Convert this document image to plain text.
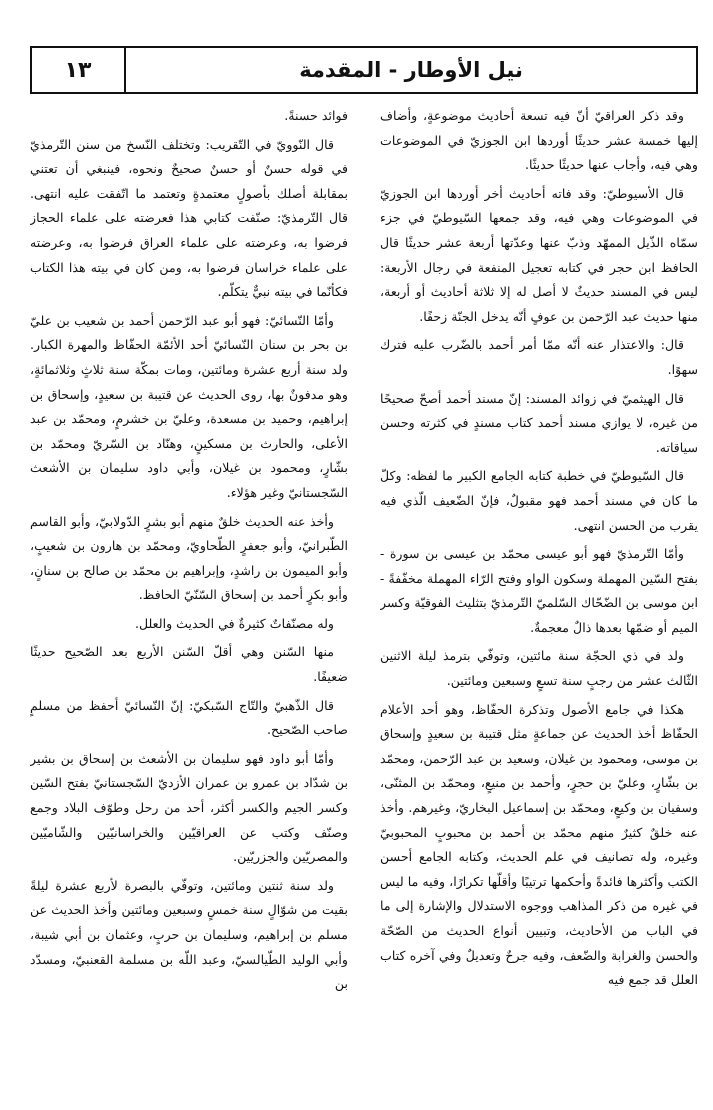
نيل الأوطار - المقدمة
١٣

وقد ذكر العراقيّ أنّ فيه تسعة أحاديث موضوعةٍ، وأضاف إليها خمسة عشر حديثًا أوردها ابن الجوزيّ في الموضوعات وهي فيه، وأجاب عنها حديثًا حديثًا.

قال الأسيوطيّ: وقد فاته أحاديث أخر أوردها ابن الجوزيّ في الموضوعات وهي فيه، وقد جمعها السّيوطيّ في جزء سمّاه الذّيل الممهّد وذبّ عنها وعدّتها أربعة عشر حديثًا قال الحافظ ابن حجر في كتابه تعجيل المنفعة في رجال الأربعة: ليس في المسند حديثٌ لا أصل له إلا ثلاثة أحاديث أو أربعة، منها حديث عبد الرّحمن بن عوفٍ أنّه يدخل الجنّة زحفًا.

قال: والاعتذار عنه أنّه ممّا أمر أحمد بالضّرب عليه فترك سهوًا.

قال الهيثميّ في زوائد المسند: إنّ مسند أحمد أصحّ صحيحًا من غيره، لا يوازي مسند أحمد كتاب مسندٍ في كثرته وحسن سياقاته.

قال السّيوطيّ في خطبة كتابه الجامع الكبير ما لفظه: وكلّ ما كان في مسند أحمد فهو مقبولٌ، فإنّ الضّعيف الّذي فيه يقرب من الحسن انتهى.

وأمّا التّرمذيّ فهو أبو عيسى محمّد بن عيسى بن سورة - بفتح السّين المهملة وسكون الواو وفتح الرّاء المهملة مخفّفةً - ابن موسى بن الضّحّاك السّلميّ التّرمذيّ بتثليث الفوقيّة وكسر الميم أو ضمّها بعدها ذالٌ معجمةٌ.

ولد في ذي الحجّة سنة مائتين، وتوفّي بترمذ ليلة الاثنين الثّالث عشر من رجبٍ سنة تسعٍ وسبعين ومائتين.

هكذا في جامع الأصول وتذكرة الحفّاظ، وهو أحد الأعلام الحفّاظ أخذ الحديث عن جماعةٍ مثل قتيبة بن سعيدٍ وإسحاق بن موسى، ومحمود بن غيلان، وسعيد بن عبد الرّحمن، ومحمّد بن بشّارٍ، وعليّ بن حجرٍ، وأحمد بن منيعٍ، ومحمّد بن المثنّى، وسفيان بن وكيعٍ، ومحمّد بن إسماعيل البخاريّ، وغيرهم. وأخذ عنه خلقٌ كثيرٌ منهم محمّد بن أحمد بن محبوبٍ المحبوبيّ وغيره، وله تصانيف في علم الحديث، وكتابه الجامع أحسن الكتب وأكثرها فائدةً وأحكمها ترتيبًا وأقلّها تكرارًا، وفيه ما ليس في غيره من ذكر المذاهب ووجوه الاستدلال والإشارة إلى ما في الباب من الأحاديث، وتبيين أنواع الحديث من الصّحّة والحسن والغرابة والضّعف، وفيه جرحٌ وتعديلٌ وفي آخره كتاب العلل قد جمع فيه

فوائد حسنةً.

قال النّوويّ في التّقريب: وتختلف النّسخ من سنن التّرمذيّ في قوله حسنٌ أو حسنٌ صحيحٌ ونحوه، فينبغي أن تعتني بمقابلة أصلك بأصولٍ معتمدةٍ وتعتمد ما اتّفقت عليه انتهى. قال التّرمذيّ: صنّفت كتابي هذا فعرضته على علماء الحجاز فرضوا به، وعرضته على علماء العراق فرضوا به، وعرضته على علماء خراسان فرضوا به، ومن كان في بيته هذا الكتاب فكأنّما في بيته نبيٌّ يتكلّم.

وأمّا النّسائيّ: فهو أبو عبد الرّحمن أحمد بن شعيب بن عليّ بن بحر بن سنان النّسائيّ أحد الأئمّة الحفّاظ والمهرة الكبار. ولد سنة أربع عشرة ومائتين، ومات بمكّة سنة ثلاثٍ وثلاثمائةٍ، وهو مدفونٌ بها، روى الحديث عن قتيبة بن سعيدٍ، وإسحاق بن إبراهيم، وحميد بن مسعدة، وعليّ بن خشرمٍ، ومحمّد بن عبد الأعلى، والحارث بن مسكينٍ، وهنّاد بن السّريّ ومحمّد بن بشّارٍ، ومحمود بن غيلان، وأبي داود سليمان بن الأشعث السّجستانيّ وغير هؤلاء.

وأخذ عنه الحديث خلقٌ منهم أبو بشرٍ الدّولابيّ، وأبو القاسم الطّبرانيّ، وأبو جعفرٍ الطّحاويّ، ومحمّد بن هارون بن شعيبٍ، وأبو الميمون بن راشدٍ، وإبراهيم بن محمّد بن صالح بن سنانٍ، وأبو بكرٍ أحمد بن إسحاق السّنّيّ الحافظ.

وله مصنّفاتٌ كثيرةٌ في الحديث والعلل.

منها السّنن وهي أقلّ السّنن الأربع بعد الصّحيح حديثًا ضعيفًا.

قال الذّهبيّ والتّاج السّبكيّ: إنّ النّسائيّ أحفظ من مسلمٍ صاحب الصّحيح.

وأمّا أبو داود فهو سليمان بن الأشعث بن إسحاق بن بشير بن شدّاد بن عمرو بن عمران الأزديّ السّجستانيّ بفتح السّين وكسر الجيم والكسر أكثر، أحد من رحل وطوّف البلاد وجمع وصنّف وكتب عن العراقيّين والخراسانيّين والشّاميّين والمصريّين والجزريّين.

ولد سنة ثنتين ومائتين، وتوفّي بالبصرة لأربع عشرة ليلةً بقيت من شوّالٍ سنة خمسٍ وسبعين ومائتين وأخذ الحديث عن مسلم بن إبراهيم، وسليمان بن حربٍ، وعثمان بن أبي شيبة، وأبي الوليد الطّيالسيّ، وعبد اللّه بن مسلمة القعنبيّ، ومسدّد بن
